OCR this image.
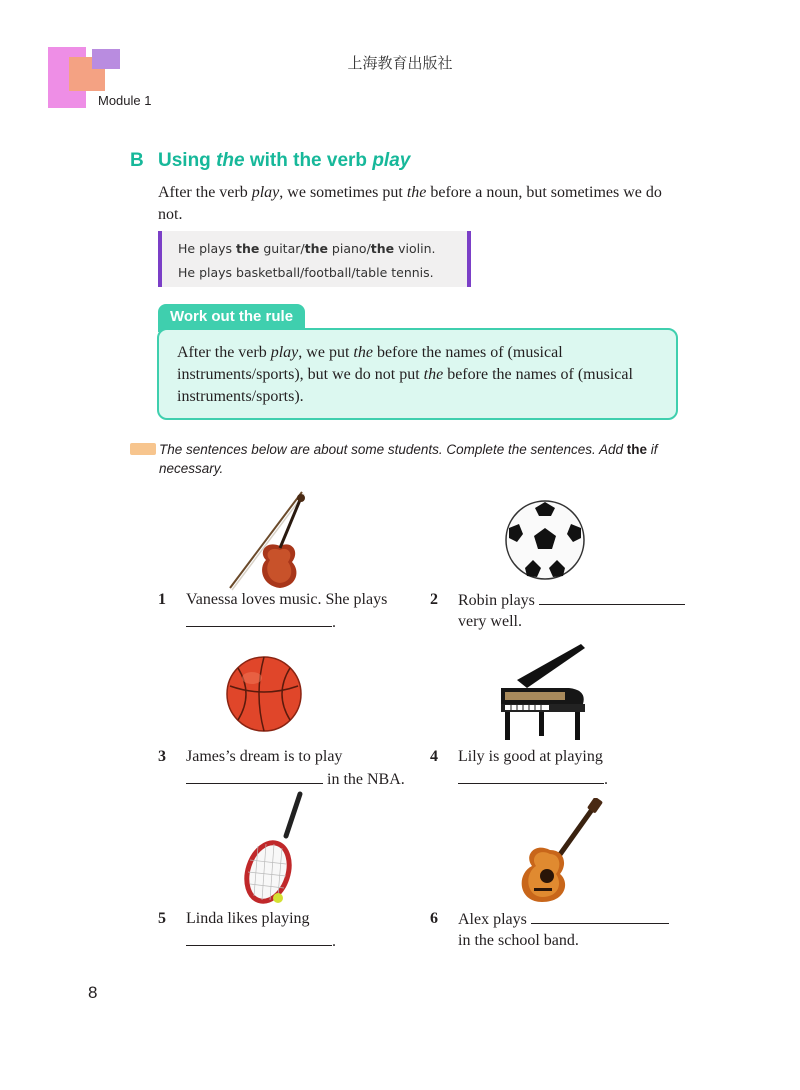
上海教育出版社
Module 1
B Using the with the verb play
After the verb play, we sometimes put the before a noun, but sometimes we do not.
He plays the guitar/the piano/the violin.
He plays basketball/football/table tennis.
Work out the rule
After the verb play, we put the before the names of (musical instruments/sports), but we do not put the before the names of (musical instruments/sports).
The sentences below are about some students. Complete the sentences. Add the if necessary.
1 Vanessa loves music. She plays
.
2 Robin plays
very well.
3 James’s dream is to play
in the NBA.
4 Lily is good at playing
.
5 Linda likes playing
.
6 Alex plays
in the school band.
8
